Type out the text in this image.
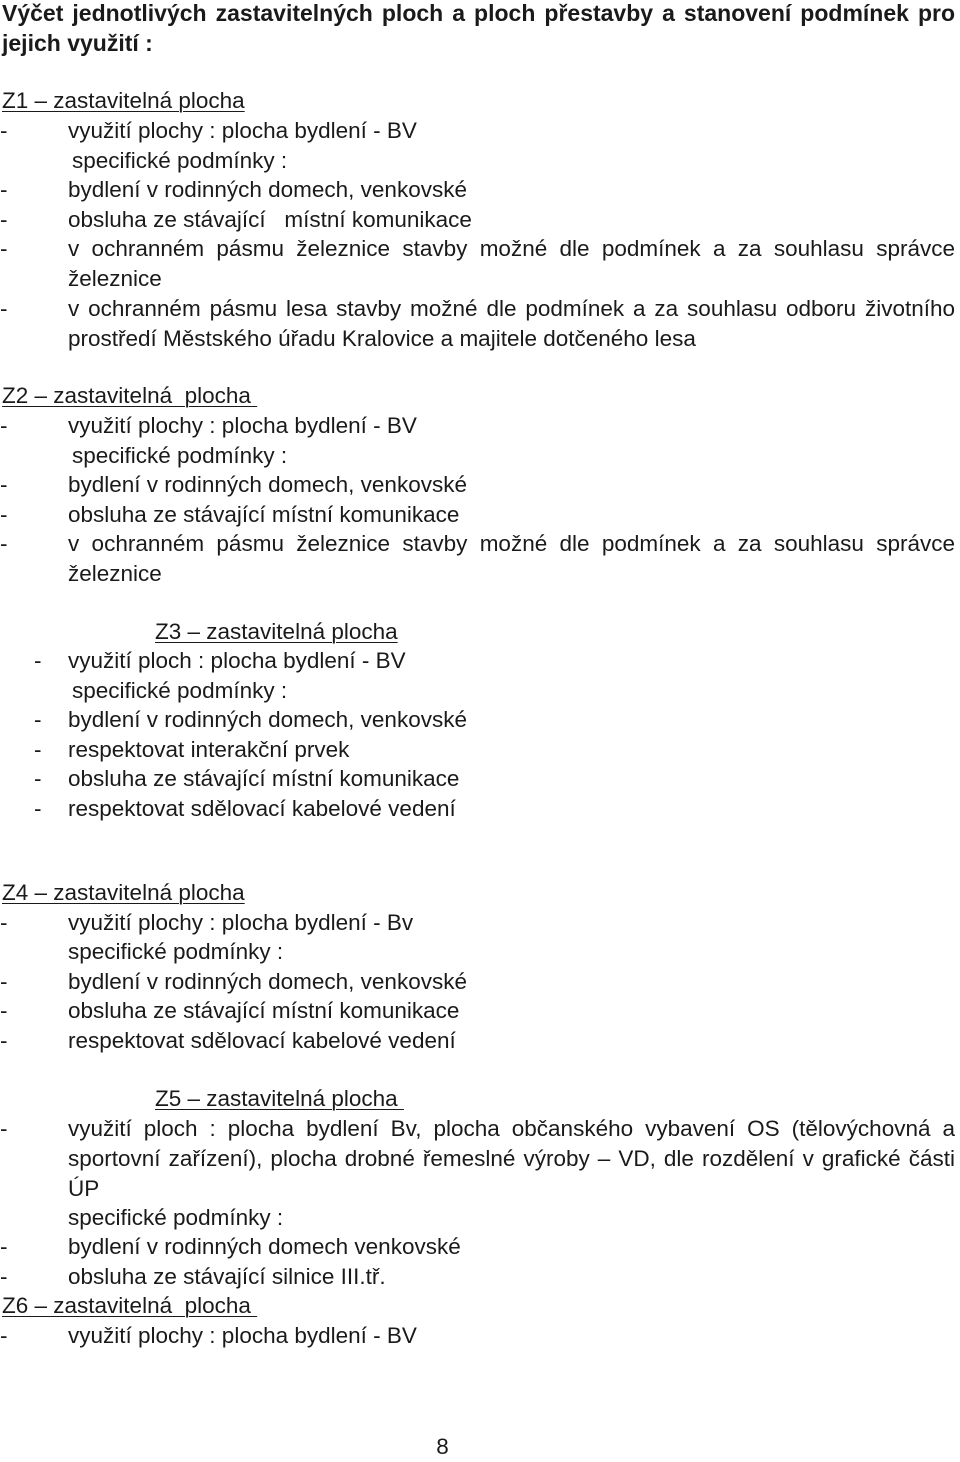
Výčet jednotlivých zastavitelných ploch a ploch přestavby a stanovení podmínek pro jejich využití :
Z1 – zastavitelná plocha
-	využití plochy : plocha bydlení - BV
specifické podmínky :
-	bydlení v rodinných domech, venkovské
-	obsluha ze stávající   místní komunikace
-	v ochranném pásmu železnice stavby možné dle podmínek a za souhlasu správce železnice
-	v ochranném pásmu lesa stavby možné dle podmínek a za souhlasu odboru životního prostředí Městského úřadu Kralovice a majitele dotčeného lesa
Z2 – zastavitelná  plocha
-	využití plochy : plocha bydlení - BV
specifické podmínky :
-	bydlení v rodinných domech, venkovské
-	obsluha ze stávající místní komunikace
-	v ochranném pásmu železnice stavby možné dle podmínek a za souhlasu správce železnice
Z3 – zastavitelná plocha
- využití ploch : plocha bydlení - BV
specifické podmínky :
- bydlení v rodinných domech, venkovské
- respektovat interakční prvek
- obsluha ze stávající místní komunikace
- respektovat sdělovací kabelové vedení
Z4 – zastavitelná plocha
-	využití plochy : plocha bydlení - Bv
specifické podmínky :
-	bydlení v rodinných domech, venkovské
-	obsluha ze stávající místní komunikace
-	respektovat sdělovací kabelové vedení
Z5 – zastavitelná plocha
-	využití ploch : plocha bydlení Bv, plocha občanského vybavení OS (tělovýchovná a sportovní zařízení), plocha drobné řemeslné výroby – VD, dle rozdělení v grafické části ÚP
specifické podmínky :
-	bydlení v rodinných domech venkovské
-	obsluha ze stávající silnice III.tř.
Z6 – zastavitelná  plocha
-	využití plochy : plocha bydlení - BV
8
